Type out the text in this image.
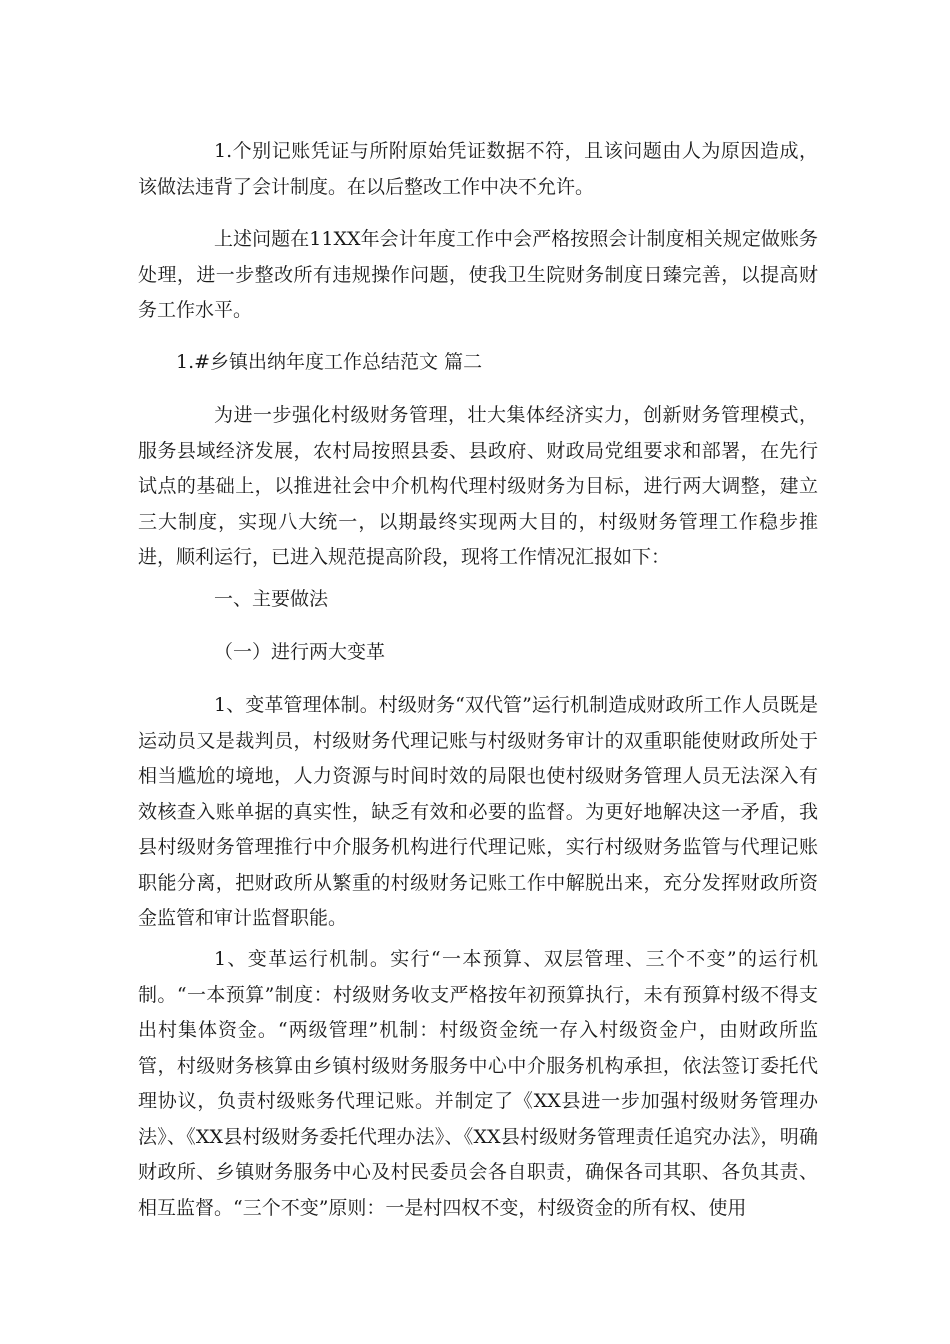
1.个别记账凭证与所附原始凭证数据不符，且该问题由人为原因造成，该做法违背了会计制度。在以后整改工作中决不允许。

上述问题在11XX年会计年度工作中会严格按照会计制度相关规定做账务处理，进一步整改所有违规操作问题，使我卫生院财务制度日臻完善，以提高财务工作水平。

1.#乡镇出纳年度工作总结范文 篇二

为进一步强化村级财务管理，壮大集体经济实力，创新财务管理模式，服务县域经济发展，农村局按照县委、县政府、财政局党组要求和部署，在先行试点的基础上，以推进社会中介机构代理村级财务为目标，进行两大调整，建立三大制度，实现八大统一，以期最终实现两大目的，村级财务管理工作稳步推进，顺利运行，已进入规范提高阶段，现将工作情况汇报如下：

一、主要做法

（一）进行两大变革

1、变革管理体制。村级财务“双代管”运行机制造成财政所工作人员既是运动员又是裁判员，村级财务代理记账与村级财务审计的双重职能使财政所处于相当尴尬的境地，人力资源与时间时效的局限也使村级财务管理人员无法深入有效核查入账单据的真实性，缺乏有效和必要的监督。为更好地解决这一矛盾，我县村级财务管理推行中介服务机构进行代理记账，实行村级财务监管与代理记账职能分离，把财政所从繁重的村级财务记账工作中解脱出来，充分发挥财政所资金监管和审计监督职能。

1、变革运行机制。实行“一本预算、双层管理、三个不变”的运行机制。“一本预算”制度：村级财务收支严格按年初预算执行，未有预算村级不得支出村集体资金。“两级管理”机制：村级资金统一存入村级资金户，由财政所监管，村级财务核算由乡镇村级财务服务中心中介服务机构承担，依法签订委托代理协议，负责村级账务代理记账。并制定了《XX县进一步加强村级财务管理办法》、《XX县村级财务委托代理办法》、《XX县村级财务管理责任追究办法》，明确财政所、乡镇财务服务中心及村民委员会各自职责，确保各司其职、各负其责、相互监督。“三个不变”原则：一是村四权不变，村级资金的所有权、使用
